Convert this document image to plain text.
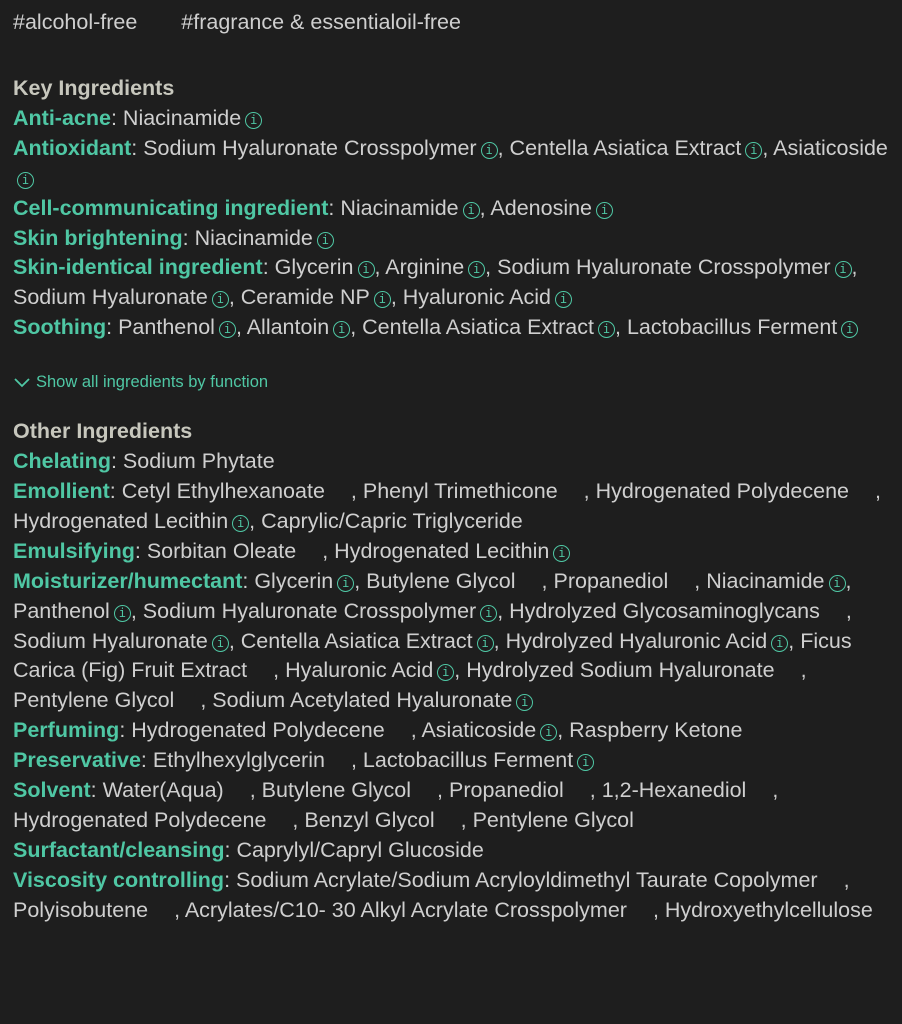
#alcohol-free #fragrance & essentialoil-free
Key Ingredients
Anti-acne: Niacinamide i
Antioxidant: Sodium Hyaluronate Crosspolymer i , Centella Asiatica Extract i , Asiaticosidei
Cell-communicating ingredient: Niacinamide i , Adenosine i
Skin brightening: Niacinamide i
Skin-identical ingredient: Glycerin i , Arginine i , Sodium Hyaluronate Crosspolymer i , Sodium Hyaluronate i , Ceramide NP i , Hyaluronic Acid i
Soothing: Panthenol i , Allantoin i , Centella Asiatica Extract i , Lactobacillus Ferment i
Show all ingredients by function
Other Ingredients
Chelating: Sodium Phytate
Emollient: Cetyl Ethylhexanoate , Phenyl Trimethicone , Hydrogenated Polydecene , Hydrogenated Lecithin i , Caprylic/Capric Triglyceride
Emulsifying: Sorbitan Oleate , Hydrogenated Lecithin i
Moisturizer/humectant: Glycerin i , Butylene Glycol , Propanediol , Niacinamide i , Panthenol i , Sodium Hyaluronate Crosspolymer i , Hydrolyzed Glycosaminoglycans , Sodium Hyaluronate i , Centella Asiatica Extract i , Hydrolyzed Hyaluronic Acid i , Ficus Carica (Fig) Fruit Extract , Hyaluronic Acid i , Hydrolyzed Sodium Hyaluronate , Pentylene Glycol , Sodium Acetylated Hyaluronate i
Perfuming: Hydrogenated Polydecene , Asiaticoside i , Raspberry Ketone
Preservative: Ethylhexylglycerin , Lactobacillus Ferment i
Solvent: Water(Aqua) , Butylene Glycol , Propanediol , 1,2-Hexanediol , Hydrogenated Polydecene , Benzyl Glycol , Pentylene Glycol
Surfactant/cleansing: Caprylyl/Capryl Glucoside
Viscosity controlling: Sodium Acrylate/Sodium Acryloyldimethyl Taurate Copolymer , Polyisobutene , Acrylates/C10- 30 Alkyl Acrylate Crosspolymer , Hydroxyethylcellulose
